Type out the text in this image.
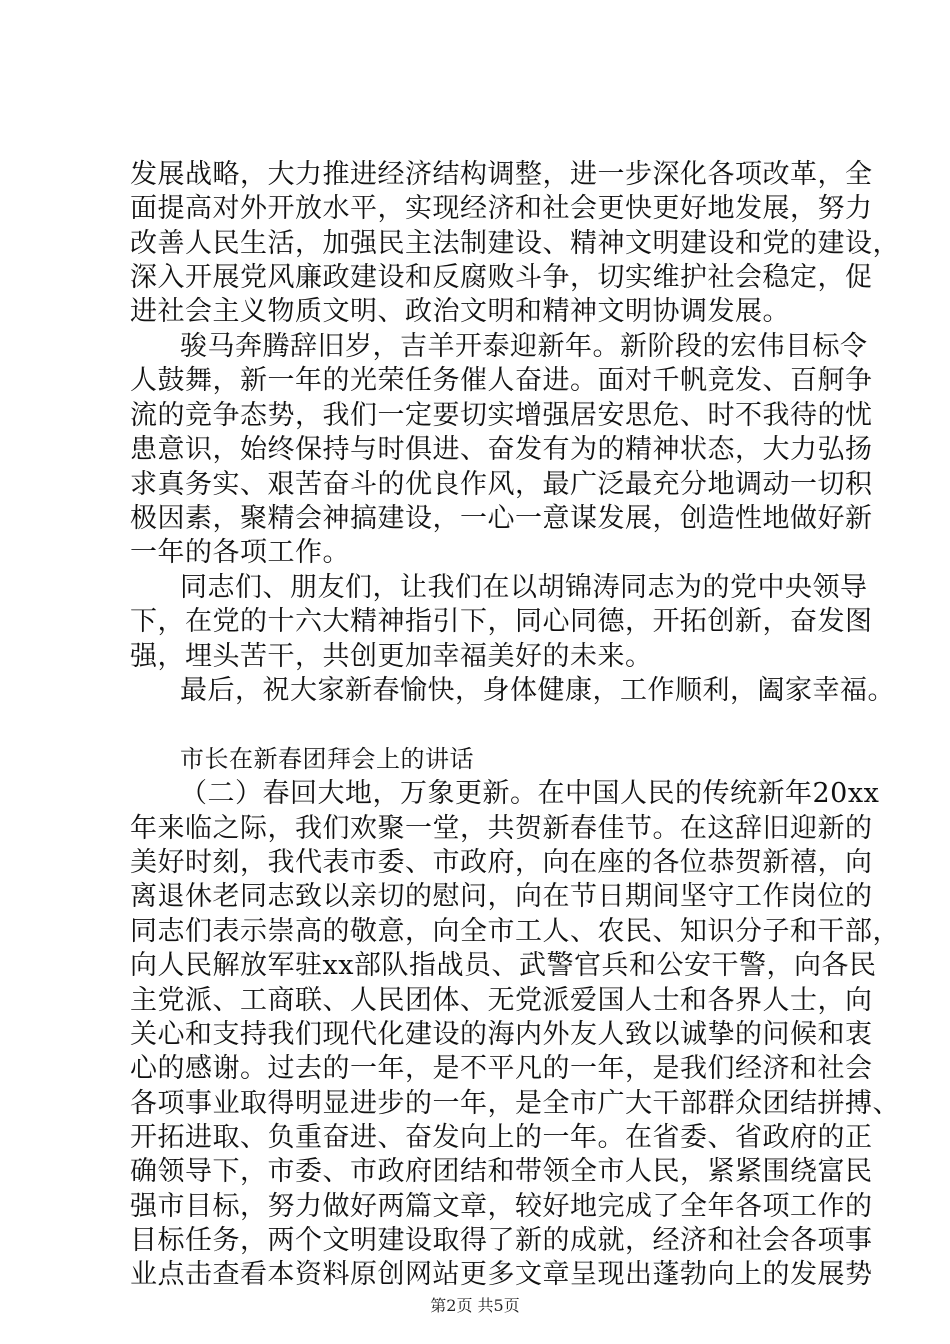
发展战略，大力推进经济结构调整，进一步深化各项改革，全
面提高对外开放水平，实现经济和社会更快更好地发展，努力
改善人民生活，加强民主法制建设、精神文明建设和党的建设，
深入开展党风廉政建设和反腐败斗争，切实维护社会稳定，促
进社会主义物质文明、政治文明和精神文明协调发展。
骏马奔腾辞旧岁，吉羊开泰迎新年。新阶段的宏伟目标令
人鼓舞，新一年的光荣任务催人奋进。面对千帆竞发、百舸争
流的竞争态势，我们一定要切实增强居安思危、时不我待的忧
患意识，始终保持与时俱进、奋发有为的精神状态，大力弘扬
求真务实、艰苦奋斗的优良作风，最广泛最充分地调动一切积
极因素，聚精会神搞建设，一心一意谋发展，创造性地做好新
一年的各项工作。
同志们、朋友们，让我们在以胡锦涛同志为的党中央领导
下，在党的十六大精神指引下，同心同德，开拓创新，奋发图
强，埋头苦干，共创更加幸福美好的未来。
最后，祝大家新春愉快，身体健康，工作顺利，阖家幸福。
市长在新春团拜会上的讲话
（二）春回大地，万象更新。在中国人民的传统新年20xx
年来临之际，我们欢聚一堂，共贺新春佳节。在这辞旧迎新的
美好时刻，我代表市委、市政府，向在座的各位恭贺新禧，向
离退休老同志致以亲切的慰问，向在节日期间坚守工作岗位的
同志们表示崇高的敬意，向全市工人、农民、知识分子和干部，
向人民解放军驻xx部队指战员、武警官兵和公安干警，向各民
主党派、工商联、人民团体、无党派爱国人士和各界人士，向
关心和支持我们现代化建设的海内外友人致以诚挚的问候和衷
心的感谢。过去的一年，是不平凡的一年，是我们经济和社会
各项事业取得明显进步的一年，是全市广大干部群众团结拼搏、
开拓进取、负重奋进、奋发向上的一年。在省委、省政府的正
确领导下，市委、市政府团结和带领全市人民，紧紧围绕富民
强市目标，努力做好两篇文章，较好地完成了全年各项工作的
目标任务，两个文明建设取得了新的成就，经济和社会各项事
业点击查看本资料原创网站更多文章呈现出蓬勃向上的发展势
第2页 共5页
